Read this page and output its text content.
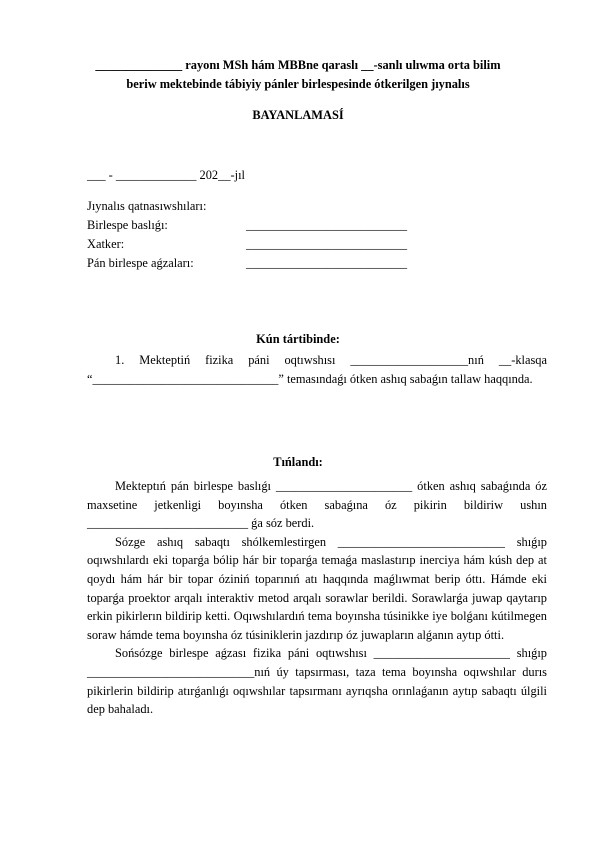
______________ rayonı MSh hám MBBne qaraslı __-sanlı ulıwma orta bilim
beriw mektebinde tábiyiy pánler birlespesinde ótkerilgen jıynalıs
BAYANLAMASÍ
___ - _____________ 202__-jıl
Jıynalıs qatnasıwshıları:
Birlespe baslıǵı:	__________________________
Xatker:	__________________________
Pán birlespe aǵzaları:	__________________________
Kún tártibinde:

1. Mekteptiń fizika páni oqtıwshısı ___________________nıń __-klasqa “______________________________” temasındaǵı ótken ashıq sabaǵın tallaw haqqında.

Tıńlandı:

Mekteptıń pán birlespe baslıǵı ______________________ ótken ashıq sabaǵında óz maxsetine jetkenligi boyınsha ótken sabaǵına óz pikirin bildiriw ushın __________________________ ǵa sóz berdi.

Sózge ashıq sabaqtı shólkemlestirgen ___________________________ shıǵıp oqıwshılardı eki toparǵa bólip hár bir toparǵa temaǵa maslastırıp inerciya hám kúsh dep at qoydı hám hár bir topar óziniń toparınıń atı haqqında maǵlıwmat berip óttı. Hámde eki toparǵa proektor arqalı interaktiv metod arqalı sorawlar berildi. Sorawlarǵa juwap qaytarıp erkin pikirlerın bildirip ketti. Oqıwshılardıń tema boyınsha túsinikke iye bolǵanı kútilmegen soraw hámde tema boyınsha óz túsiniklerin jazdırıp óz juwapların alǵanın aytıp ótti.

Sońsózge birlespe aǵzası fizika páni oqtıwshısı ______________________ shıǵıp ___________________________nıń úy tapsırması, taza tema boyınsha oqıwshılar durıs pikirlerin bildirip atırǵanlıǵı oqıwshılar tapsırmanı ayrıqsha orınlaǵanın aytıp sabaqtı úlgili dep bahaladı.
